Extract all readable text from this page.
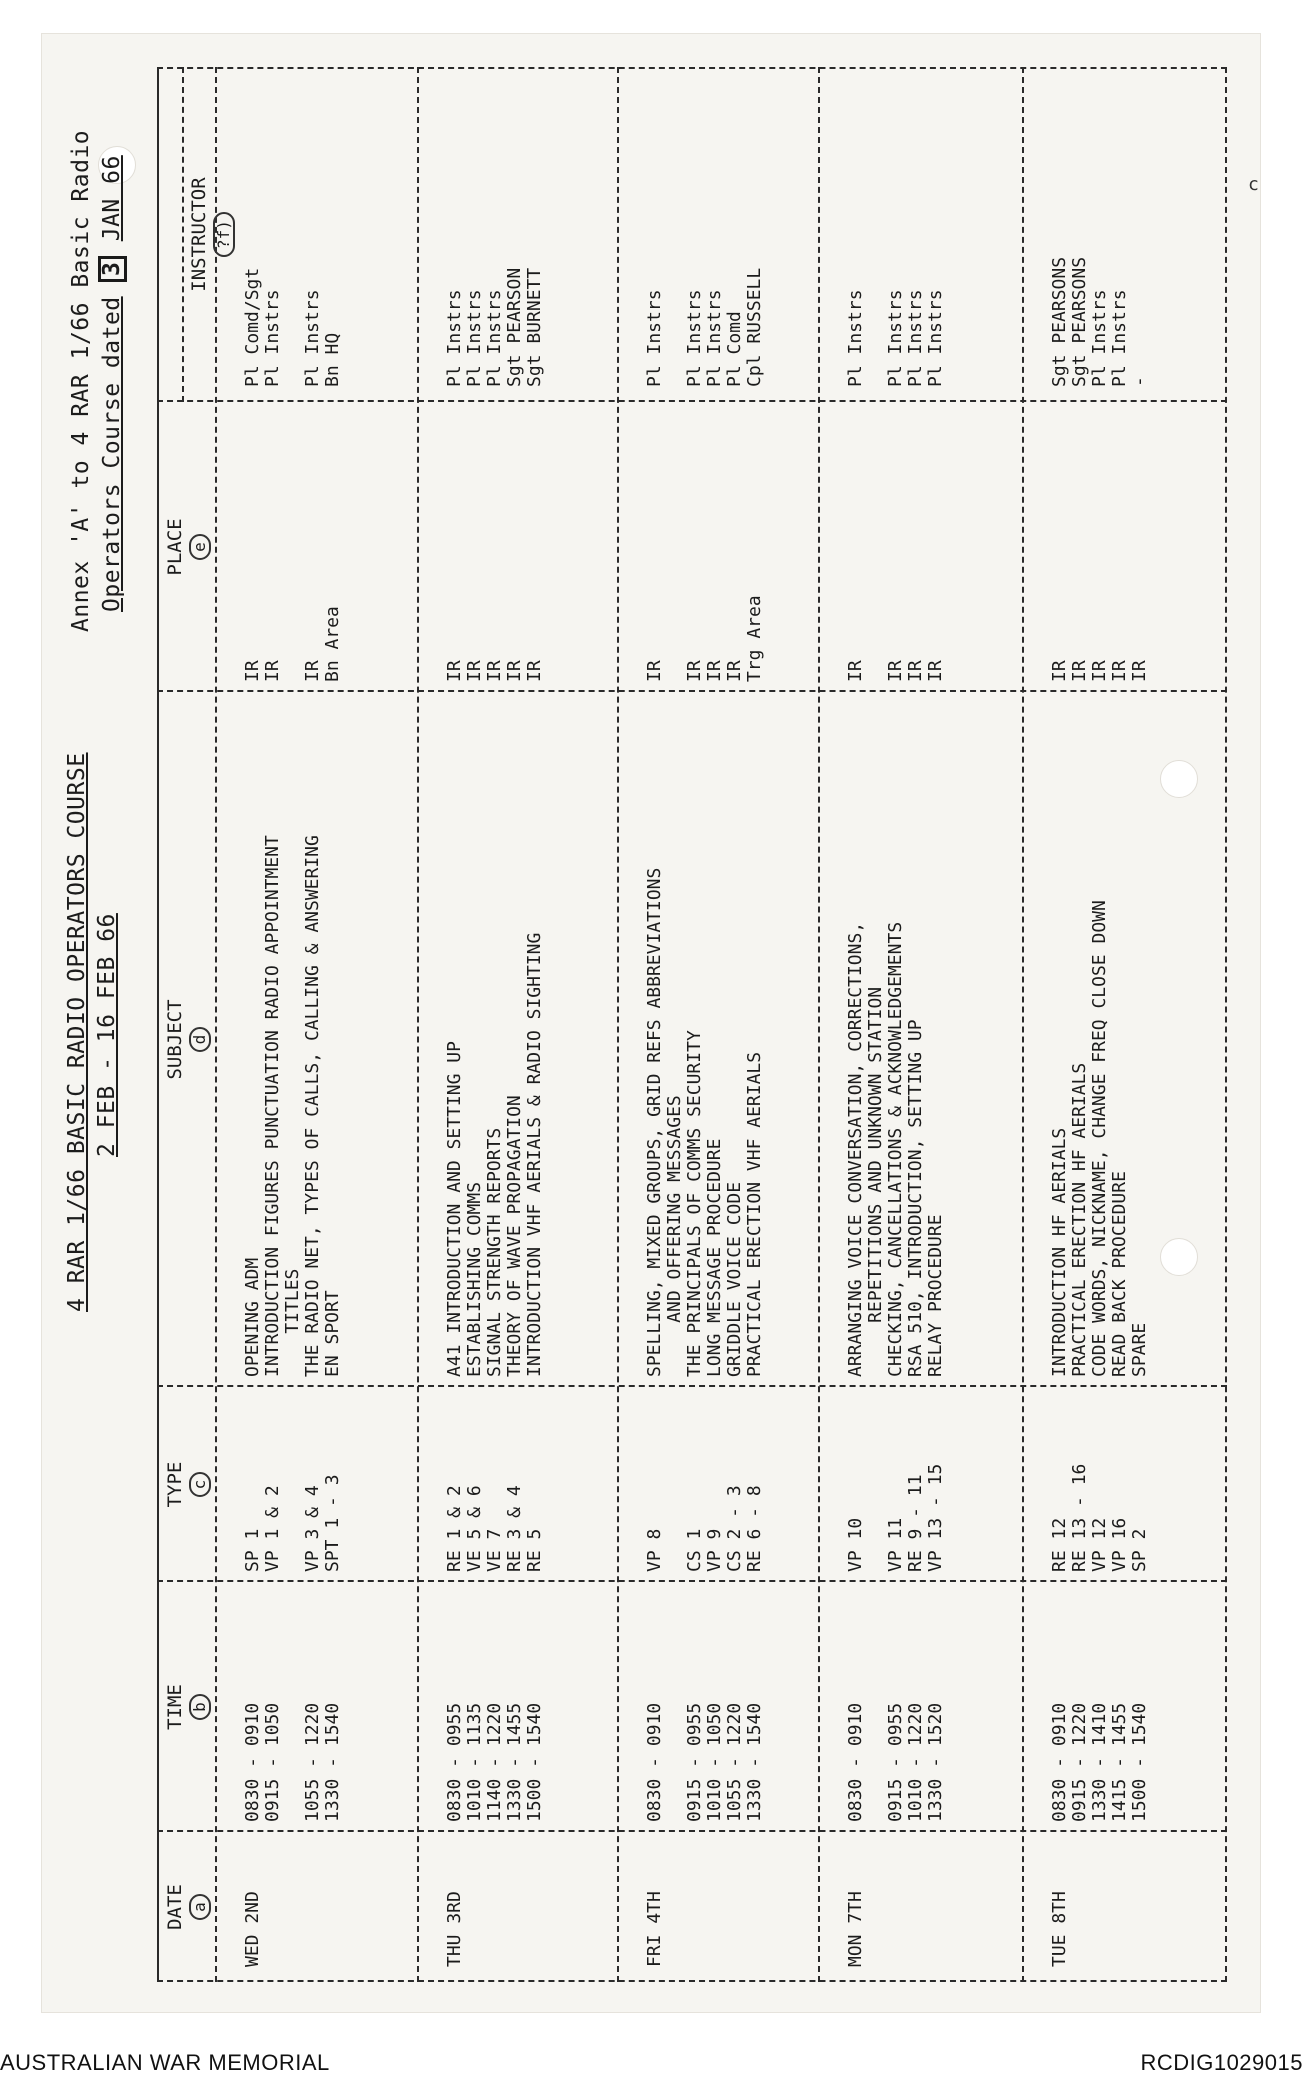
c
4 RAR 1/66 BASIC RADIO OPERATORS COURSE 2 FEB - 16 FEB 66
Annex 'A' to 4 RAR 1/66 Basic Radio Operators Course dated 3 JAN 66
DATE a
TIME b
TYPE c
SUBJECT d
PLACE e
INSTRUCTOR ?f)
WED 2ND
0830 - 0910 0915 - 1050 1055 - 1220 1330 - 1540
SP 1 VP 1 & 2 VP 3 & 4 SPT 1 - 3
OPENING ADM INTRODUCTION FIGURES PUNCTUATION RADIO APPOINTMENT TITLES THE RADIO NET, TYPES OF CALLS, CALLING & ANSWERING EN SPORT
IR IR IR Bn Area
Pl Comd/Sgt Pl Instrs Pl Instrs Bn HQ
THU 3RD
0830 - 0955 1010 - 1135 1140 - 1220 1330 - 1455 1500 - 1540
RE 1 & 2 VE 5 & 6 VE 7 RE 3 & 4 RE 5
A41 INTRODUCTION AND SETTING UP ESTABLISHING COMMS SIGNAL STRENGTH REPORTS THEORY OF WAVE PROPAGATION INTRODUCTION VHF AERIALS & RADIO SIGHTING
IR IR IR IR IR
Pl Instrs Pl Instrs Pl Instrs Sgt PEARSON Sgt BURNETT
FRI 4TH
0830 - 0910 0915 - 0955 1010 - 1050 1055 - 1220 1330 - 1540
VP 8 CS 1 VP 9 CS 2 - 3 RE 6 - 8
SPELLING, MIXED GROUPS, GRID REFS ABBREVIATIONS AND OFFERING MESSAGES THE PRINCIPALS OF COMMS SECURITY LONG MESSAGE PROCEDURE GRIDDLE VOICE CODE PRACTICAL ERECTION VHF AERIALS
IR IR IR IR Trg Area
Pl Instrs Pl Instrs Pl Instrs Pl Comd Cpl RUSSELL
MON 7TH
0830 - 0910 0915 - 0955 1010 - 1220 1330 - 1520
VP 10 VP 11 RE 9 - 11 VP 13 - 15
ARRANGING VOICE CONVERSATION, CORRECTIONS, REPETITIONS AND UNKNOWN STATION CHECKING, CANCELLATIONS & ACKNOWLEDGEMENTS RSA 510, INTRODUCTION, SETTING UP RELAY PROCEDURE
IR IR IR IR
Pl Instrs Pl Instrs Pl Instrs Pl Instrs
TUE 8TH
0830 - 0910 0915 - 1220 1330 - 1410 1415 - 1455 1500 - 1540
RE 12 RE 13 - 16 VP 12 VP 16 SP 2
INTRODUCTION HF AERIALS PRACTICAL ERECTION HF AERIALS CODE WORDS, NICKNAME, CHANGE FREQ CLOSE DOWN READ BACK PROCEDURE SPARE
IR IR IR IR IR
Sgt PEARSONS Sgt PEARSONS Pl Instrs Pl Instrs -
AUSTRALIAN WAR MEMORIAL	RCDIG1029015
